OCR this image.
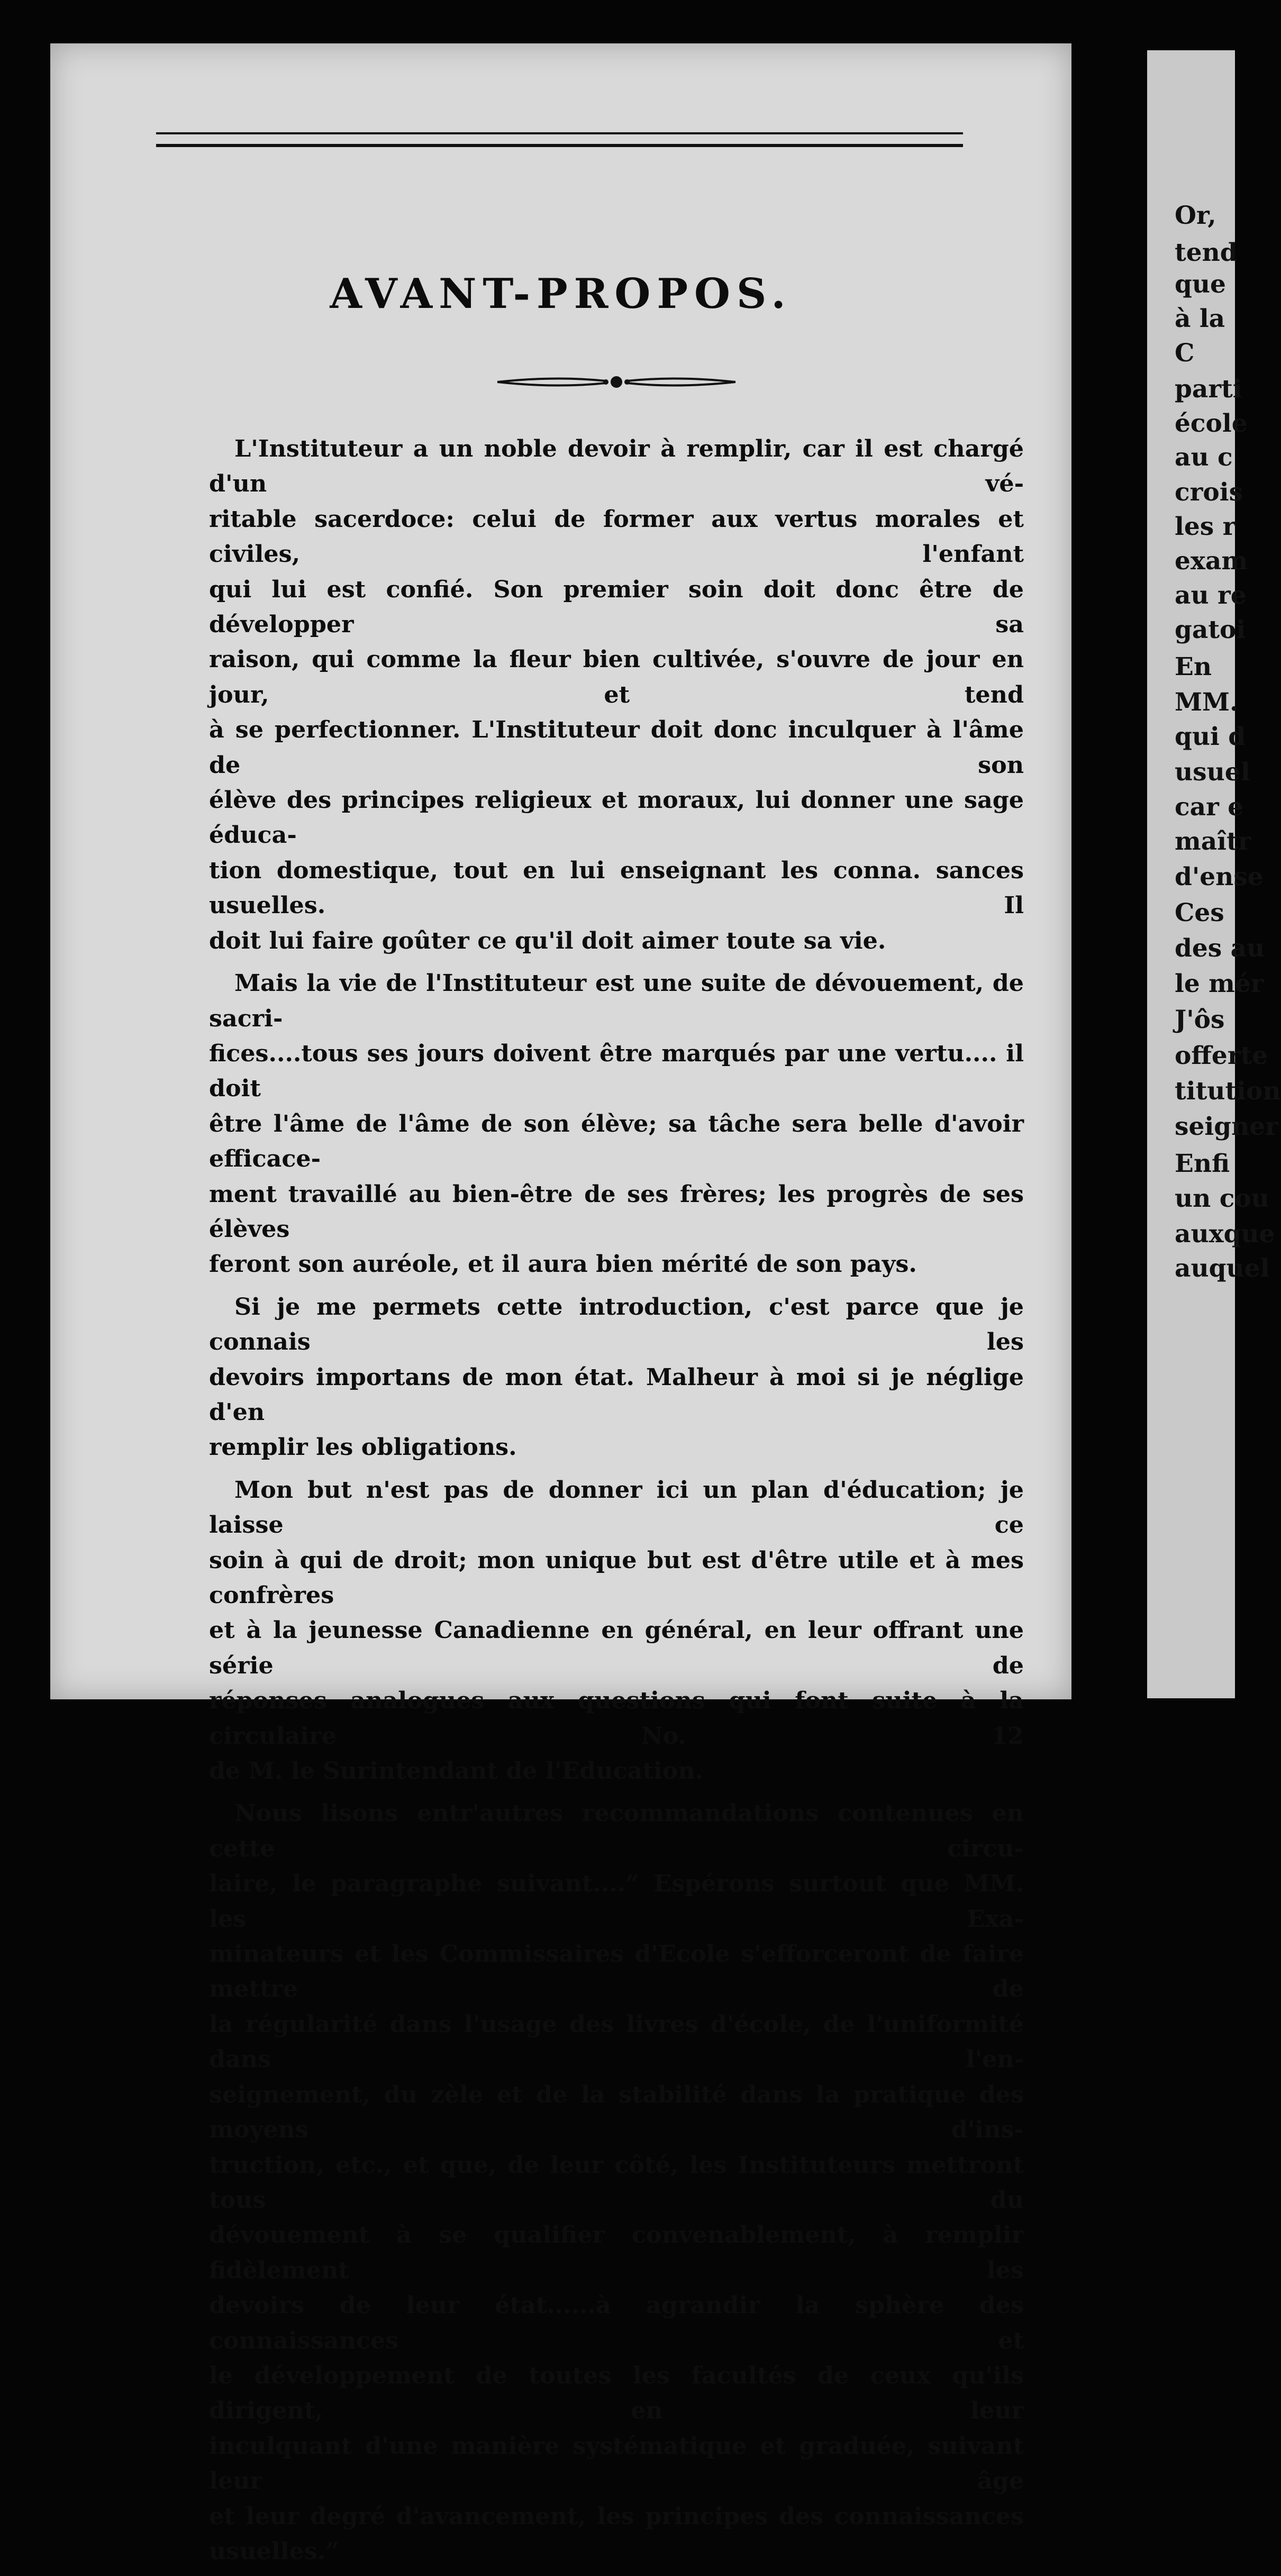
Or,
tend
que
à la
C
parti
école
au c
crois
les r
exam
au re
gatoi
En
MM.
qui d
usuel
car e
maîtr
d'ense
Ces
des au
le mér
J'ôs
offerte
titution
seigner
Enfi
un cou
auxque
auquel
AVANT-PROPOS.

L'Instituteur a un noble devoir à remplir, car il est chargé d'un vé-
ritable sacerdoce: celui de former aux vertus morales et civiles, l'enfant
qui lui est confié. Son premier soin doit donc être de développer sa
raison, qui comme la fleur bien cultivée, s'ouvre de jour en jour, et tend
à se perfectionner. L'Instituteur doit donc inculquer à l'âme de son
élève des principes religieux et moraux, lui donner une sage éduca-
tion domestique, tout en lui enseignant les conna. sances usuelles. Il
doit lui faire goûter ce qu'il doit aimer toute sa vie.

Mais la vie de l'Instituteur est une suite de dévouement, de sacri-
fices....tous ses jours doivent être marqués par une vertu.... il doit
être l'âme de l'âme de son élève; sa tâche sera belle d'avoir efficace-
ment travaillé au bien-être de ses frères; les progrès de ses élèves
feront son auréole, et il aura bien mérité de son pays.

Si je me permets cette introduction, c'est parce que je connais les
devoirs importans de mon état. Malheur à moi si je néglige d'en
remplir les obligations.

Mon but n'est pas de donner ici un plan d'éducation; je laisse ce
soin à qui de droit; mon unique but est d'être utile et à mes confrères
et à la jeunesse Canadienne en général, en leur offrant une série de
réponses analogues aux questions qui font suite à la circulaire No. 12
de M. le Surintendant de l'Education.

Nous lisons entr'autres recommandations contenues en cette circu-
laire, le paragraphe suivant....“ Espérons surtout que MM. les Exa-
minateurs et les Commissaires d'Ecole s'efforceront de faire mettre de
la régularité dans l'usage des livres d'école, de l'uniformité dans l'en-
seignement, du zèle et de la stabilité dans la pratique des moyens d'ins-
truction, etc., et que, de leur côté, les Instituteurs mettront tous du
dévouement à se qualifier convenablement, à remplir fidèlement les
devoirs de leur état......à agrandir la sphère des connaissances et
le développement de toutes les facultés de ceux qu'ils dirigent, en leur
inculquant d'une manière systématique et graduée, suivant leur âge
et leur degré d'avancement, les principes des connaissances usuelles.”
